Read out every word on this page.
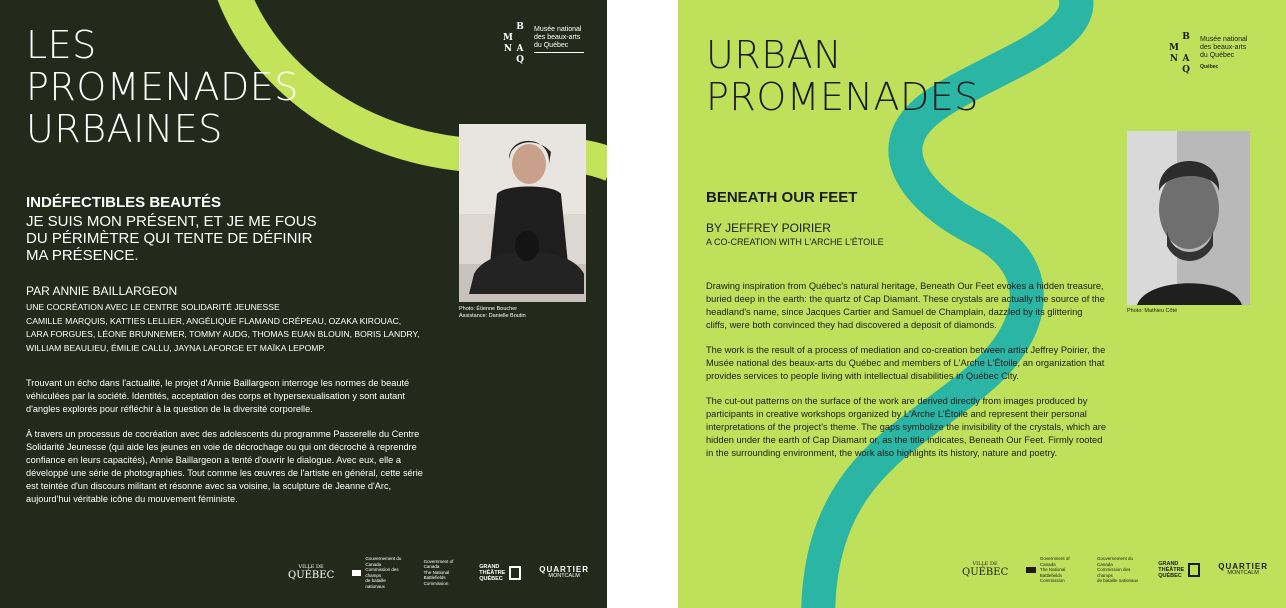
LES
PROMENADES
URBAINES
B
M
N A
Q
Musée national
des beaux-arts
du Québec
Photo: Étienne Boucher
Assistance: Danielle Boutin
INDÉFECTIBLES BEAUTÉS
JE SUIS MON PRÉSENT, ET JE ME FOUS
DU PÉRIMÈTRE QUI TENTE DE DÉFINIR
MA PRÉSENCE.
PAR ANNIE BAILLARGEON
UNE COCRÉATION AVEC LE CENTRE SOLIDARITÉ JEUNESSE
CAMILLE MARQUIS, KATTIES LELLIER, ANGÉLIQUE FLAMAND CRÉPEAU, OZAKA KIROUAC,
LARA FORGUES, LÉONE BRUNNEMER, TOMMY AUDG, THOMAS EUAN BLOUIN, BORIS LANDRY,
WILLIAM BEAULIEU, ÉMILIE CALLU, JAYNA LAFORGE ET MAÏKA LEPOMP.

Trouvant un écho dans l'actualité, le projet d'Annie Baillargeon interroge les normes de beauté véhiculées par la société. Identités, acceptation des corps et hypersexualisation y sont autant d'angles explorés pour réfléchir à la question de la diversité corporelle.

À travers un processus de cocréation avec des adolescents du programme Passerelle du Centre Solidarité Jeunesse (qui aide les jeunes en voie de décrochage ou qui ont décroché à reprendre confiance en leurs capacités), Annie Baillargeon a tenté d'ouvrir le dialogue. Avec eux, elle a développé une série de photographies. Tout comme les œuvres de l'artiste en général, cette série est teintée d'un discours militant et résonne avec sa voisine, la sculpture de Jeanne d'Arc, aujourd'hui véritable icône du mouvement féministe.

VILLE DE
QUÉBEC
Gouvernement du Canada
Commission des champs
de bataille nationaux
Government of Canada
The National Battlefields
Commission
GRAND
THÉÂTRE
QUÉBEC
QUARTIER
MONTCALM
URBAN
PROMENADES
B
M
N A
Q
Musée national
des beaux-arts
du Québec
Québec
Photo: Mathieu Côté
BENEATH OUR FEET
BY JEFFREY POIRIER
A CO-CREATION WITH L'ARCHE L'ÉTOILE

Drawing inspiration from Québec's natural heritage, Beneath Our Feet evokes a hidden treasure, buried deep in the earth: the quartz of Cap Diamant. These crystals are actually the source of the headland's name, since Jacques Cartier and Samuel de Champlain, dazzled by its glittering cliffs, were both convinced they had discovered a deposit of diamonds.

The work is the result of a process of mediation and co-creation between artist Jeffrey Poirier, the Musée national des beaux-arts du Québec and members of L'Arche L'Étoile, an organization that provides services to people living with intellectual disabilities in Québec City.

The cut-out patterns on the surface of the work are derived directly from images produced by participants in creative workshops organized by L'Arche L'Étoile and represent their personal interpretations of the project's theme. The gaps symbolize the invisibility of the crystals, which are hidden under the earth of Cap Diamant or, as the title indicates, Beneath Our Feet. Firmly rooted in the surrounding environment, the work also highlights its history, nature and poetry.

VILLE DE
QUÉBEC
Government of Canada
The National Battlefields
Commission
Gouvernement du Canada
Commission des champs
de bataille nationaux
GRAND
THÉÂTRE
QUÉBEC
QUARTIER
MONTCALM
